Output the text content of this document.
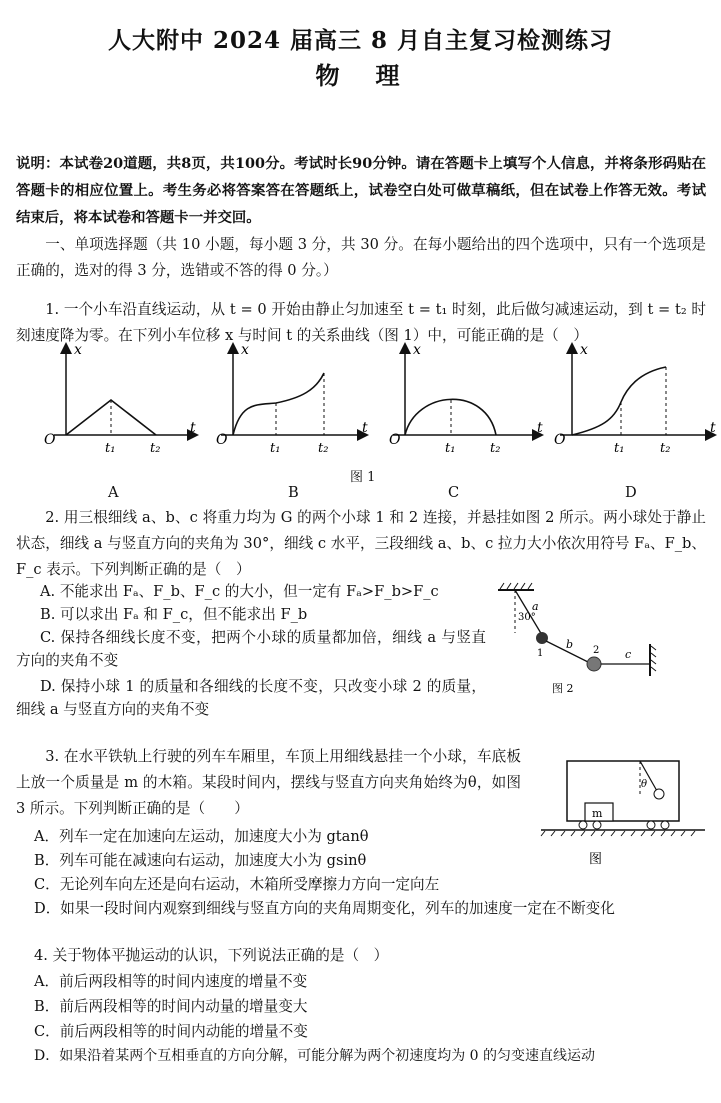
人大附中 2024 届高三 8 月自主复习检测练习
物　理
说明：本试卷20道题，共8页，共100分。考试时长90分钟。请在答题卡上填写个人信息，并将条形码贴在答题卡的相应位置上。考生务必将答案答在答题纸上，试卷空白处可做草稿纸，但在试卷上作答无效。考试结束后，将本试卷和答题卡一并交回。
一、单项选择题（共 10 小题，每小题 3 分，共 30 分。在每小题给出的四个选项中，只有一个选项是正确的，选对的得 3 分，选错或不答的得 0 分。）
1. 一个小车沿直线运动，从 t = 0 开始由静止匀加速至 t = t₁ 时刻，此后做匀减速运动，到 t = t₂ 时刻速度降为零。在下列小车位移 x 与时间 t 的关系曲线（图 1）中，可能正确的是（　）
x
t
O
t₁	t₂
x
t
O
t₁	t₂
x
t
O
t₁	t₂
x
t
O
t₁	t₂
图 1
A	B	C	D
2. 用三根细线 a、b、c 将重力均为 G 的两个小球 1 和 2 连接，并悬挂如图 2 所示。两小球处于静止状态，细线 a 与竖直方向的夹角为 30°，细线 c 水平，三段细线 a、b、c 拉力大小依次用符号 Fₐ、F_b、F_c 表示。下列判断正确的是（　）
A. 不能求出 Fₐ、F_b、F_c 的大小，但一定有 Fₐ>F_b>F_c
B. 可以求出 Fₐ 和 F_c，但不能求出 F_b
C. 保持各细线长度不变，把两个小球的质量都加倍，细线 a 与竖直方向的夹角不变
D. 保持小球 1 的质量和各细线的长度不变，只改变小球 2 的质量，细线 a 与竖直方向的夹角不变
30°
a
1
b 2 c
图 2
3. 在水平铁轨上行驶的列车车厢里，车顶上用细线悬挂一个小球，车底板上放一个质量是 m 的木箱。某段时间内，摆线与竖直方向夹角始终为θ，如图 3 所示。下列判断正确的是（　　）
A．列车一定在加速向左运动，加速度大小为 gtanθ
B．列车可能在减速向右运动，加速度大小为 gsinθ
C．无论列车向左还是向右运动，木箱所受摩擦力方向一定向左
D．如果一段时间内观察到细线与竖直方向的夹角周期变化，列车的加速度一定在不断变化
θ
m
图
4. 关于物体平抛运动的认识，下列说法正确的是（　）
A．前后两段相等的时间内速度的增量不变
B．前后两段相等的时间内动量的增量变大
C．前后两段相等的时间内动能的增量不变
D．如果沿着某两个互相垂直的方向分解，可能分解为两个初速度均为 0 的匀变速直线运动
